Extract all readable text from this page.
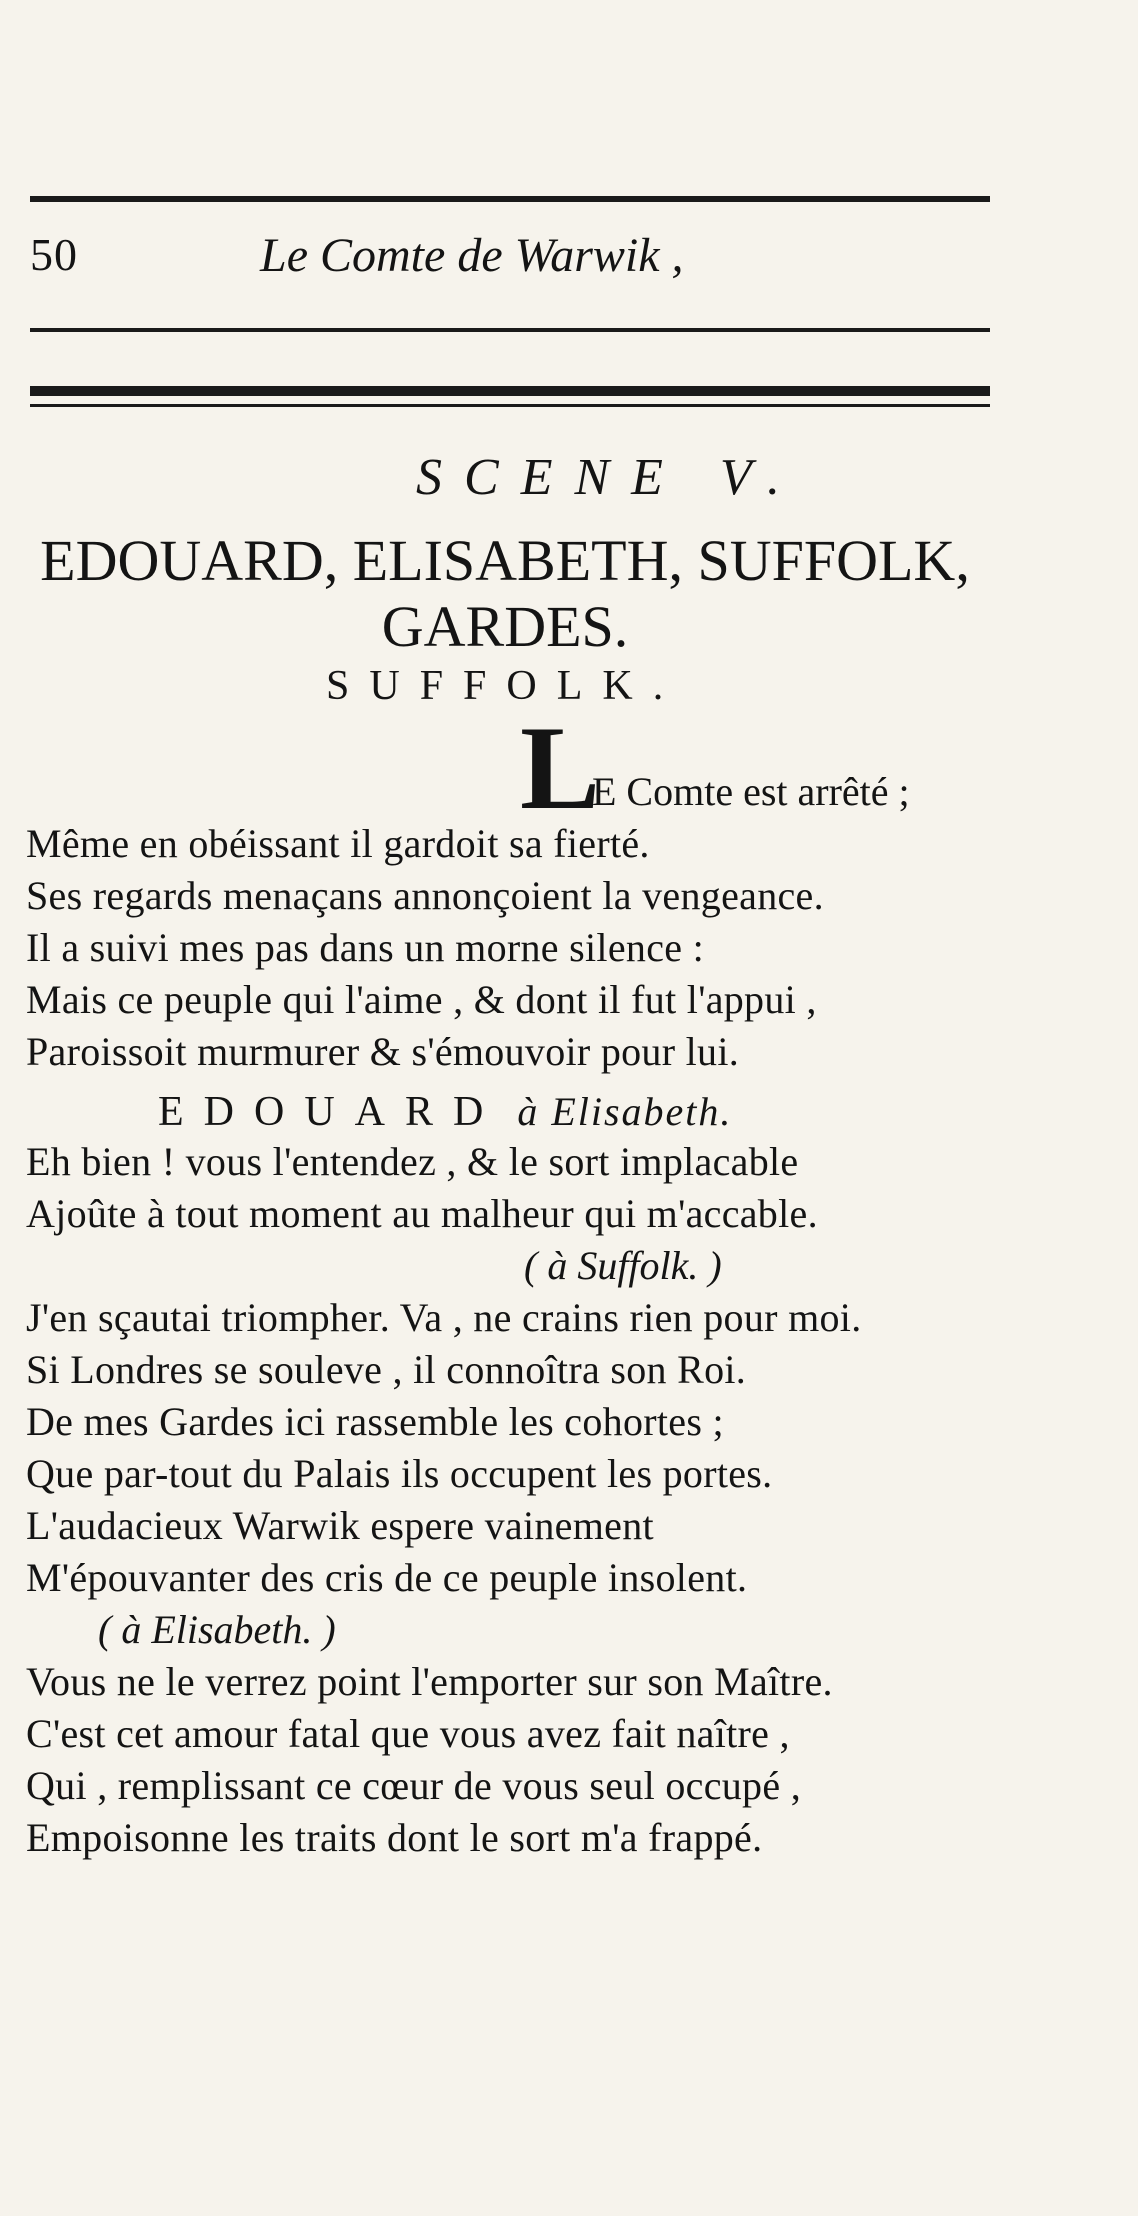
50	Le Comte de Warwik ,
SCENE V.
EDOUARD, ELISABETH, SUFFOLK,
GARDES.
SUFFOLK.
L
E Comte est arrêté ;
Même en obéissant il gardoit sa fierté.
Ses regards menaçans annonçoient la vengeance.
Il a suivi mes pas dans un morne silence :
Mais ce peuple qui l'aime , & dont il fut l'appui ,
Paroissoit murmurer & s'émouvoir pour lui.
EDOUARD à Elisabeth.
Eh bien ! vous l'entendez , & le sort implacable
Ajoûte à tout moment au malheur qui m'accable.
( à Suffolk. )
J'en sçautai triompher. Va , ne crains rien pour moi.
Si Londres se souleve , il connoîtra son Roi.
De mes Gardes ici rassemble les cohortes ;
Que par-tout du Palais ils occupent les portes.
L'audacieux Warwik espere vainement
M'épouvanter des cris de ce peuple insolent.
( à Elisabeth. )
Vous ne le verrez point l'emporter sur son Maître.
C'est cet amour fatal que vous avez fait naître ,
Qui , remplissant ce cœur de vous seul occupé ,
Empoisonne les traits dont le sort m'a frappé.
